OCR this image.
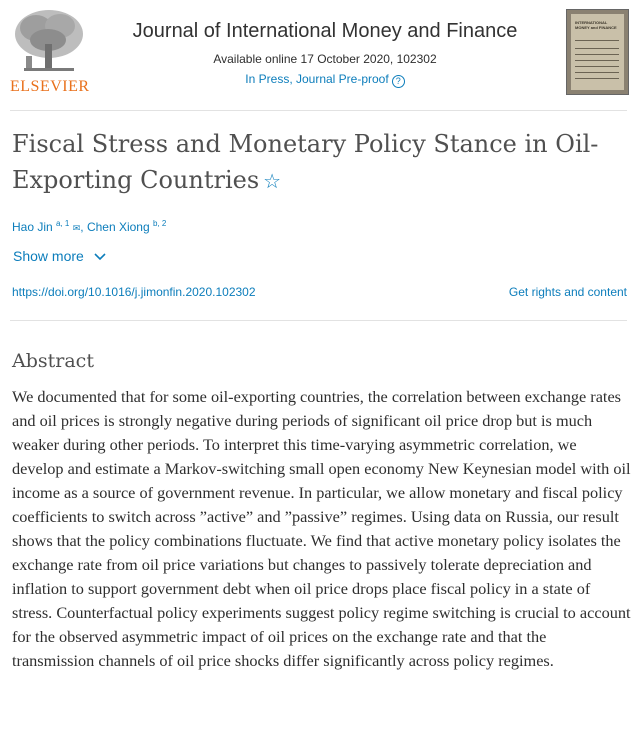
ELSEVIER
Journal of International Money and Finance
Available online 17 October 2020, 102302
In Press, Journal Pre-proof ?
INTERNATIONAL MONEY and FINANCE
Fiscal Stress and Monetary Policy Stance in Oil-Exporting Countries ☆
Hao Jin $^{a, 1}$ ✉, Chen Xiong $^{b, 2}$
Show more
https://doi.org/10.1016/j.jimonfin.2020.102302	Get rights and content
Abstract

We documented that for some oil-exporting countries, the correlation between exchange rates and oil prices is strongly negative during periods of significant oil price drop but is much weaker during other periods. To interpret this time-varying asymmetric correlation, we develop and estimate a Markov-switching small open economy New Keynesian model with oil income as a source of government revenue. In particular, we allow monetary and fiscal policy coefficients to switch across ”active” and ”passive” regimes. Using data on Russia, our result shows that the policy combinations fluctuate. We find that active monetary policy isolates the exchange rate from oil price variations but changes to passively tolerate depreciation and inflation to support government debt when oil price drops place fiscal policy in a state of stress. Counterfactual policy experiments suggest policy regime switching is crucial to account for the observed asymmetric impact of oil prices on the exchange rate and that the transmission channels of oil price shocks differ significantly across policy regimes.
